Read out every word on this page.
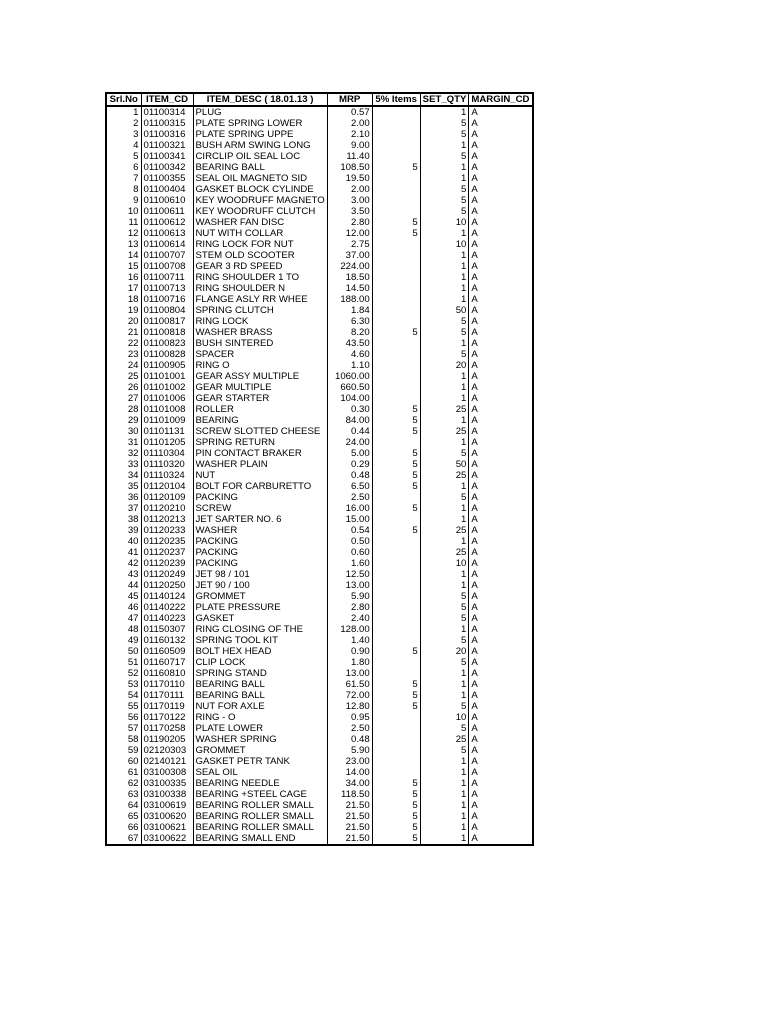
Srl.No	ITEM_CD	ITEM_DESC ( 18.01.13 )	MRP	5% Items	SET_QTY	MARGIN_CD
1	01100314	PLUG	0.57		1	A
2	01100315	PLATE SPRING LOWER	2.00		5	A
3	01100316	PLATE SPRING UPPE	2.10		5	A
4	01100321	BUSH ARM SWING LONG	9.00		1	A
5	01100341	CIRCLIP OIL SEAL LOC	11.40		5	A
6	01100342	BEARING BALL	108.50	5	1	A
7	01100355	SEAL OIL MAGNETO SID	19.50		1	A
8	01100404	GASKET BLOCK CYLINDE	2.00		5	A
9	01100610	KEY WOODRUFF MAGNETO	3.00		5	A
10	01100611	KEY WOODRUFF CLUTCH	3.50		5	A
11	01100612	WASHER FAN DISC	2.80	5	10	A
12	01100613	NUT WITH COLLAR	12.00	5	1	A
13	01100614	RING LOCK FOR NUT	2.75		10	A
14	01100707	STEM OLD SCOOTER	37.00		1	A
15	01100708	GEAR 3 RD SPEED	224.00		1	A
16	01100711	RING SHOULDER 1 TO	18.50		1	A
17	01100713	RING SHOULDER N	14.50		1	A
18	01100716	FLANGE ASLY RR WHEE	188.00		1	A
19	01100804	SPRING CLUTCH	1.84		50	A
20	01100817	RING LOCK	6.30		5	A
21	01100818	WASHER BRASS	8.20	5	5	A
22	01100823	BUSH SINTERED	43.50		1	A
23	01100828	SPACER	4.60		5	A
24	01100905	RING O	1.10		20	A
25	01101001	GEAR ASSY MULTIPLE	1060.00		1	A
26	01101002	GEAR MULTIPLE	660.50		1	A
27	01101006	GEAR STARTER	104.00		1	A
28	01101008	ROLLER	0.30	5	25	A
29	01101009	BEARING	84.00	5	1	A
30	01101131	SCREW SLOTTED CHEESE	0.44	5	25	A
31	01101205	SPRING RETURN	24.00		1	A
32	01110304	PIN CONTACT BRAKER	5.00	5	5	A
33	01110320	WASHER PLAIN	0.29	5	50	A
34	01110324	NUT	0.48	5	25	A
35	01120104	BOLT FOR CARBURETTO	6.50	5	1	A
36	01120109	PACKING	2.50		5	A
37	01120210	SCREW	16.00	5	1	A
38	01120213	JET SARTER NO. 6	15.00		1	A
39	01120233	WASHER	0.54	5	25	A
40	01120235	PACKING	0.50		1	A
41	01120237	PACKING	0.60		25	A
42	01120239	PACKING	1.60		10	A
43	01120249	JET 98 / 101	12.50		1	A
44	01120250	JET 90 / 100	13.00		1	A
45	01140124	GROMMET	5.90		5	A
46	01140222	PLATE PRESSURE	2.80		5	A
47	01140223	GASKET	2.40		5	A
48	01150307	RING CLOSING OF THE	128.00		1	A
49	01160132	SPRING TOOL KIT	1.40		5	A
50	01160509	BOLT HEX HEAD	0.90	5	20	A
51	01160717	CLIP LOCK	1.80		5	A
52	01160810	SPRING STAND	13.00		1	A
53	01170110	BEARING BALL	61.50	5	1	A
54	01170111	BEARING BALL	72.00	5	1	A
55	01170119	NUT FOR AXLE	12.80	5	5	A
56	01170122	RING - O	0.95		10	A
57	01170258	PLATE LOWER	2.50		5	A
58	01190205	WASHER SPRING	0.48		25	A
59	02120303	GROMMET	5.90		5	A
60	02140121	GASKET PETR TANK	23.00		1	A
61	03100308	SEAL OIL	14.00		1	A
62	03100335	BEARING NEEDLE	34.00	5	1	A
63	03100338	BEARING +STEEL CAGE	118.50	5	1	A
64	03100619	BEARING ROLLER SMALL	21.50	5	1	A
65	03100620	BEARING ROLLER SMALL	21.50	5	1	A
66	03100621	BEARING ROLLER SMALL	21.50	5	1	A
67	03100622	BEARING SMALL END	21.50	5	1	A
